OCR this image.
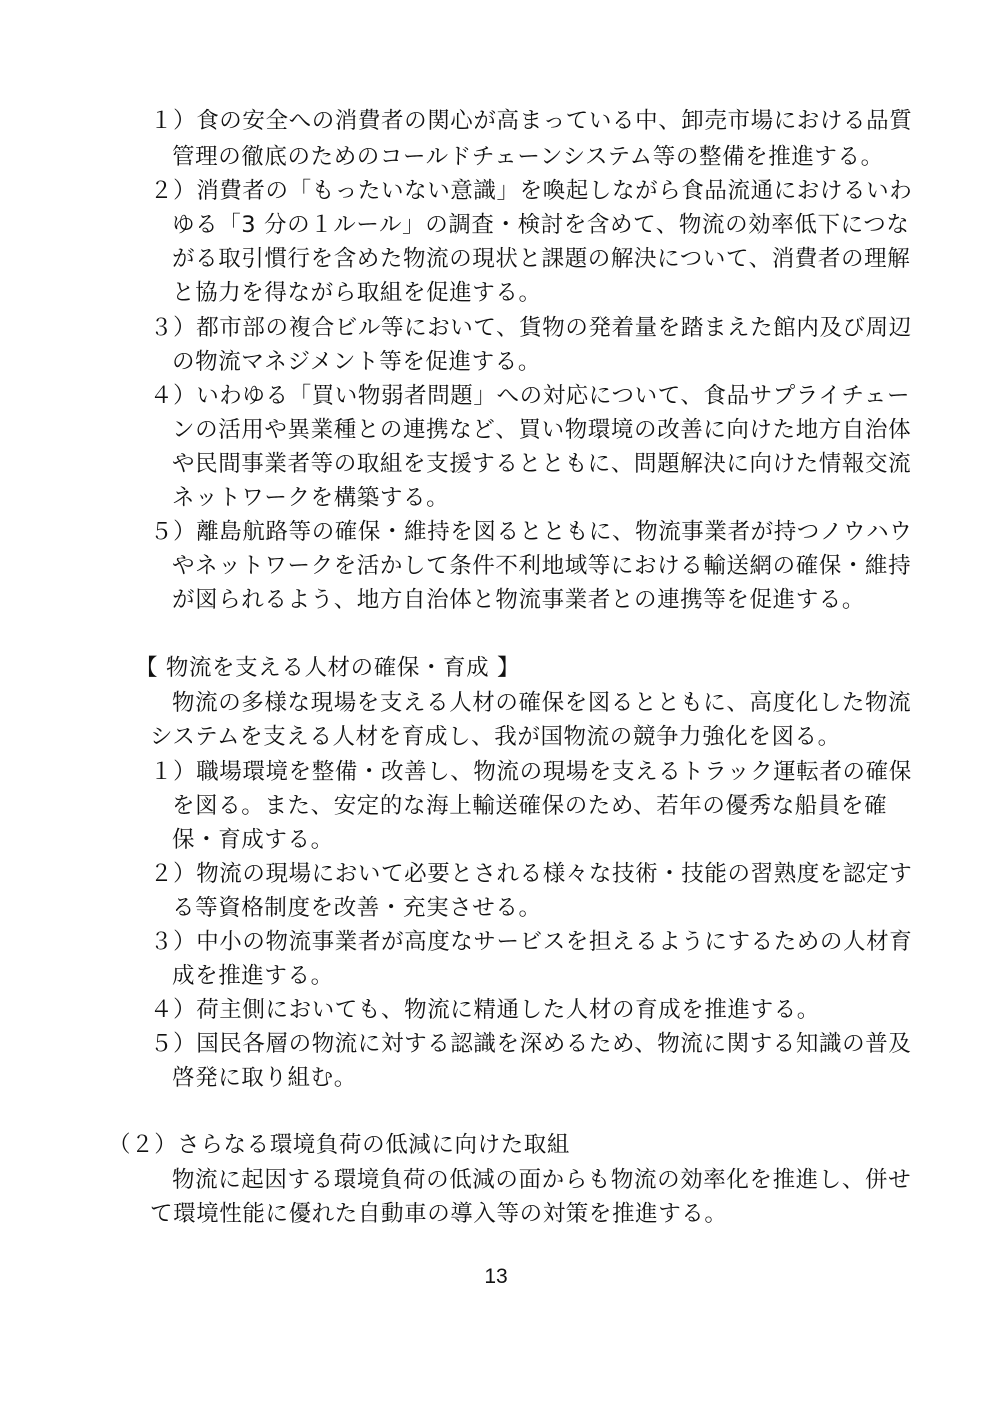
１）食の安全への消費者の関心が高まっている中、卸売市場における品質
管理の徹底のためのコールドチェーンシステム等の整備を推進する。
２）消費者の「もったいない意識」を喚起しながら食品流通におけるいわ
ゆる「3 分の１ルール」の調査・検討を含めて、物流の効率低下につな
がる取引慣行を含めた物流の現状と課題の解決について、消費者の理解
と協力を得ながら取組を促進する。
３）都市部の複合ビル等において、貨物の発着量を踏まえた館内及び周辺
の物流マネジメント等を促進する。
４）いわゆる「買い物弱者問題」への対応について、食品サプライチェー
ンの活用や異業種との連携など、買い物環境の改善に向けた地方自治体
や民間事業者等の取組を支援するとともに、問題解決に向けた情報交流
ネットワークを構築する。
５）離島航路等の確保・維持を図るとともに、物流事業者が持つノウハウ
やネットワークを活かして条件不利地域等における輸送網の確保・維持
が図られるよう、地方自治体と物流事業者との連携等を促進する。
【 物流を支える人材の確保・育成 】
物流の多様な現場を支える人材の確保を図るとともに、高度化した物流
システムを支える人材を育成し、我が国物流の競争力強化を図る。
１）職場環境を整備・改善し、物流の現場を支えるトラック運転者の確保
を図る。また、安定的な海上輸送確保のため、若年の優秀な船員を確
保・育成する。
２）物流の現場において必要とされる様々な技術・技能の習熟度を認定す
る等資格制度を改善・充実させる。
３）中小の物流事業者が高度なサービスを担えるようにするための人材育
成を推進する。
４）荷主側においても、物流に精通した人材の育成を推進する。
５）国民各層の物流に対する認識を深めるため、物流に関する知識の普及
啓発に取り組む。
（２）さらなる環境負荷の低減に向けた取組
物流に起因する環境負荷の低減の面からも物流の効率化を推進し、併せ
て環境性能に優れた自動車の導入等の対策を推進する。
13
